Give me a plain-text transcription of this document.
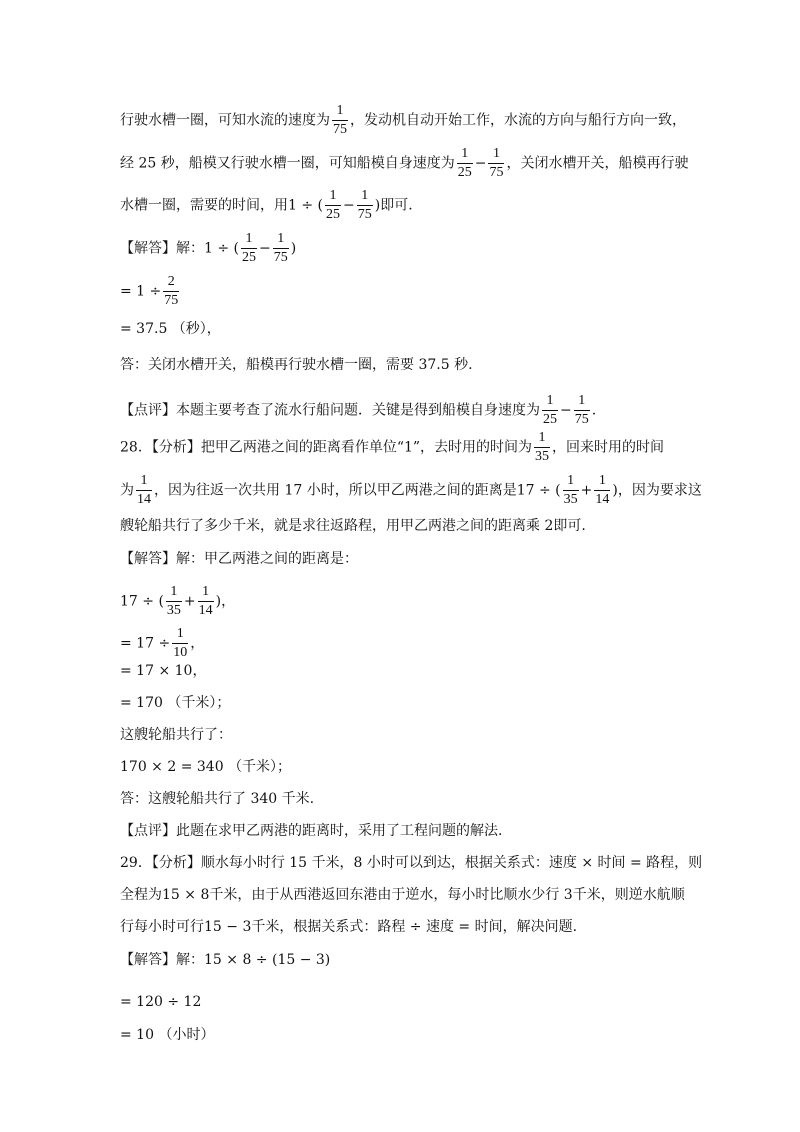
行驶水槽一圈，可知水流的速度为 $\frac{1}{75}$ ，发动机自动开始工作，水流的方向与船行方向一致，
经 25 秒，船模又行驶水槽一圈，可知船模自身速度为 $\frac{1}{25} - \frac{1}{75}$ ，关闭水槽开关，船模再行驶
水槽一圈，需要的时间，用1 ÷ ( $\frac{1}{25} - \frac{1}{75}$ )即可.
【解答】解：1 ÷ ( $\frac{1}{25} - \frac{1}{75}$ )
= $1 \div \frac{2}{75}$
= 37.5 （秒），
答：关闭水槽开关，船模再行驶水槽一圈，需要 37.5 秒.
【点评】本题主要考查了流水行船问题．关键是得到船模自身速度为 $\frac{1}{25} - \frac{1}{75}$ .
28．【分析】把甲乙两港之间的距离看作单位“1”，去时用的时间为 $\frac{1}{35}$ ，回来时用的时间
为 $\frac{1}{14}$ ，因为往返一次共用 17 小时，所以甲乙两港之间的距离是17 ÷ ( $\frac{1}{35} + \frac{1}{14}$ )，因为要求这
艘轮船共行了多少千米，就是求往返路程，用甲乙两港之间的距离乘 2即可.
【解答】解：甲乙两港之间的距离是：
17 ÷ ( $\frac{1}{35} + \frac{1}{14}$ )，
= $17 \div \frac{1}{10}$ ，
= 17 × 10，
= 170 （千米）；
这艘轮船共行了：
170 × 2 = 340 （千米）；
答：这艘轮船共行了 340 千米.
【点评】此题在求甲乙两港的距离时，采用了工程问题的解法.
29．【分析】顺水每小时行 15 千米，8 小时可以到达，根据关系式：速度 × 时间 = 路程，则
全程为15 × 8千米，由于从西港返回东港由于逆水，每小时比顺水少行 3千米，则逆水航顺
行每小时可行15 − 3千米，根据关系式：路程 ÷ 速度 = 时间，解决问题.
【解答】解：15 × 8 ÷ (15 − 3)
= 120 ÷ 12
= 10 （小时）
